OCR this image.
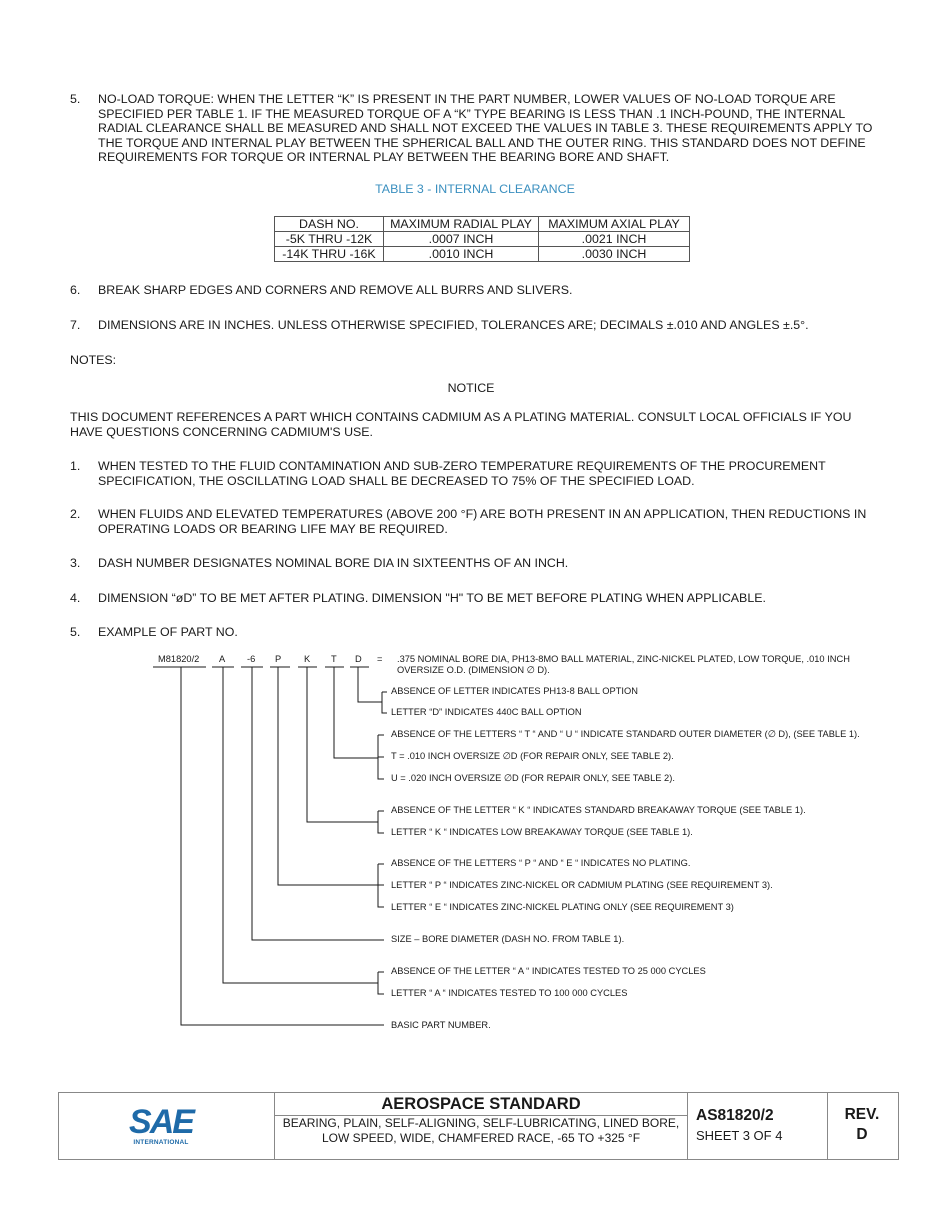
5. NO-LOAD TORQUE: WHEN THE LETTER “K” IS PRESENT IN THE PART NUMBER, LOWER VALUES OF NO-LOAD TORQUE ARE SPECIFIED PER TABLE 1. IF THE MEASURED TORQUE OF A “K” TYPE BEARING IS LESS THAN .1 INCH-POUND, THE INTERNAL RADIAL CLEARANCE SHALL BE MEASURED AND SHALL NOT EXCEED THE VALUES IN TABLE 3. THESE REQUIREMENTS APPLY TO THE TORQUE AND INTERNAL PLAY BETWEEN THE SPHERICAL BALL AND THE OUTER RING. THIS STANDARD DOES NOT DEFINE REQUIREMENTS FOR TORQUE OR INTERNAL PLAY BETWEEN THE BEARING BORE AND SHAFT.
TABLE 3 - INTERNAL CLEARANCE
DASH NO.	MAXIMUM RADIAL PLAY	MAXIMUM AXIAL PLAY
-5K THRU -12K	.0007 INCH	.0021 INCH
-14K THRU -16K	.0010 INCH	.0030 INCH
6. BREAK SHARP EDGES AND CORNERS AND REMOVE ALL BURRS AND SLIVERS.
7. DIMENSIONS ARE IN INCHES. UNLESS OTHERWISE SPECIFIED, TOLERANCES ARE; DECIMALS ±.010 AND ANGLES ±.5°.
NOTES:
NOTICE
THIS DOCUMENT REFERENCES A PART WHICH CONTAINS CADMIUM AS A PLATING MATERIAL. CONSULT LOCAL OFFICIALS IF YOU HAVE QUESTIONS CONCERNING CADMIUM'S USE.
1. WHEN TESTED TO THE FLUID CONTAMINATION AND SUB-ZERO TEMPERATURE REQUIREMENTS OF THE PROCUREMENT SPECIFICATION, THE OSCILLATING LOAD SHALL BE DECREASED TO 75% OF THE SPECIFIED LOAD.
2. WHEN FLUIDS AND ELEVATED TEMPERATURES (ABOVE 200 °F) ARE BOTH PRESENT IN AN APPLICATION, THEN REDUCTIONS IN OPERATING LOADS OR BEARING LIFE MAY BE REQUIRED.
3. DASH NUMBER DESIGNATES NOMINAL BORE DIA IN SIXTEENTHS OF AN INCH.
4. DIMENSION “øD” TO BE MET AFTER PLATING. DIMENSION "H" TO BE MET BEFORE PLATING WHEN APPLICABLE.
5. EXAMPLE OF PART NO.
M81820/2 A -6 P K T D = .375 NOMINAL BORE DIA, PH13-8MO BALL MATERIAL, ZINC-NICKEL PLATED, LOW TORQUE, .010 INCH OVERSIZE O.D. (DIMENSION ∅ D).
ABSENCE OF LETTER INDICATES PH13-8 BALL OPTION
LETTER “D” INDICATES 440C BALL OPTION
ABSENCE OF THE LETTERS “ T “ AND “ U “ INDICATE STANDARD OUTER DIAMETER (∅ D), (SEE TABLE 1).
T = .010 INCH OVERSIZE ∅D (FOR REPAIR ONLY, SEE TABLE 2).
U = .020 INCH OVERSIZE ∅D (FOR REPAIR ONLY, SEE TABLE 2).
ABSENCE OF THE LETTER “ K “ INDICATES STANDARD BREAKAWAY TORQUE (SEE TABLE 1).
LETTER “ K “ INDICATES LOW BREAKAWAY TORQUE (SEE TABLE 1).
ABSENCE OF THE LETTERS “ P “ AND “ E “ INDICATES NO PLATING.
LETTER “ P “ INDICATES ZINC-NICKEL OR CADMIUM PLATING (SEE REQUIREMENT 3).
LETTER “ E “ INDICATES ZINC-NICKEL PLATING ONLY (SEE REQUIREMENT 3)
SIZE – BORE DIAMETER (DASH NO. FROM TABLE 1).
ABSENCE OF THE LETTER “ A “ INDICATES TESTED TO 25 000 CYCLES
LETTER “ A “ INDICATES TESTED TO 100 000 CYCLES
BASIC PART NUMBER.
SAE
INTERNATIONAL
AEROSPACE STANDARD
BEARING, PLAIN, SELF-ALIGNING, SELF-LUBRICATING, LINED BORE, LOW SPEED, WIDE, CHAMFERED RACE, -65 TO +325 °F
AS81820/2
SHEET 3 OF 4
REV.
D
